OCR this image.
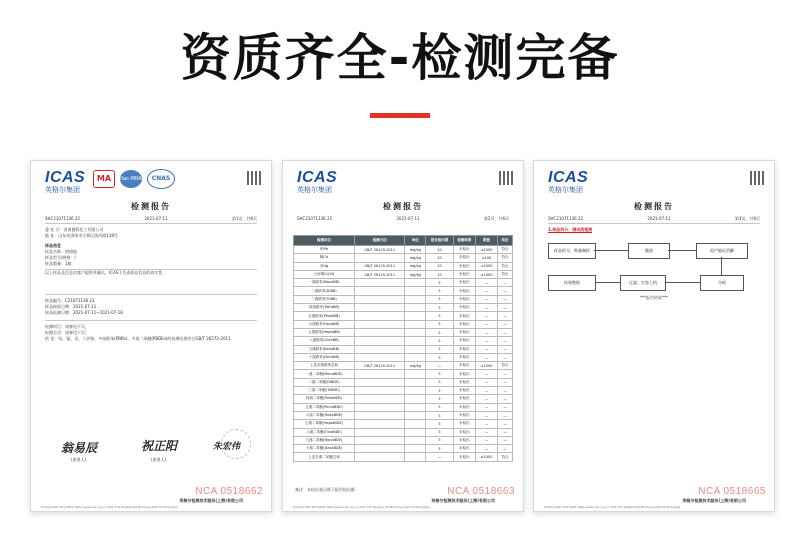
资质齐全-检测完备
ICAS
英格尔集团
MA	ilac-MRA	CNAS
检测报告
SHC21071136 22	2021-07-11	第1页，共6页
委 托 方：济南德彩化工有限公司
地 址：山东省济南市天桥区滨河路138号
样品信息
样品名称：热熔胶
样品型号/规格：/
样品数量：1箱
以上样品及信息由客户提供并确认，ICAS不负责样品信息的真实性。
样品编号：C21071136 22
样品接收日期：2021-07-11
样品检测日期：2021-07-11~2021-07-18
检测项目：请参见下页。
检测方法：请参见下页。
结 论：铅、镉、汞、六价铬、多溴联苯(PBBs)、多溴二苯醚(PBDEs)的检测结果符合GB/T 26572-2011
翁易辰
(批准人)
祝正阳
(批准人)
朱宏伟
NCA 0518662
英格尔检测技术服务(上海)有限公司
Hotline:400 102 6601 Web:www.icas.org.cn Add:715 Pingbei Rd,Minhang District,Shanghai
ICAS
英格尔集团
检测报告
SHC21071136 22	2021-07-11	第2页，共6页
检测项目	检测方法	单位	报告检出限	检测结果	限值	结论
铅Pb	GB/T 26125-2011	mg/kg	10	未检出	≤1000	符合
镉Cd		mg/kg	10	未检出	≤100	符合
汞Hg	GB/T 26125-2011	mg/kg	10	未检出	≤1000	符合
六价铬Cr(VI)	GB/T 26125-2011	mg/kg	10	未检出	≤1000	符合
一溴联苯(MonoBB)			5	未检出	—	—
二溴联苯(DiBB)			5	未检出	—	—
三溴联苯(TriBB)			5	未检出	—	—
四溴联苯(TetraBB)			5	未检出	—	—
五溴联苯(PentaBB)			5	未检出	—	—
六溴联苯(HexaBB)			5	未检出	—	—
七溴联苯(HeptaBB)			5	未检出	—	—
八溴联苯(OctaBB)			5	未检出	—	—
九溴联苯(NonaBB)			5	未检出	—	—
十溴联苯(DecaBB)			5	未检出	—	—
上述多溴联苯总和	GB/T 26125-2011	mg/kg	—	未检出	≤1000	符合
一溴二苯醚(MonoBDE)			5	未检出	—	—
二溴二苯醚(DiBDE)			5	未检出	—	—
三溴二苯醚(TriBDE)			5	未检出	—	—
四溴二苯醚(TetraBDE)			5	未检出	—	—
五溴二苯醚(PentaBDE)			5	未检出	—	—
六溴二苯醚(HexaBDE)			5	未检出	—	—
七溴二苯醚(HeptaBDE)			5	未检出	—	—
八溴二苯醚(OctaBDE)			5	未检出	—	—
九溴二苯醚(NonaBDE)			5	未检出	—	—
十溴二苯醚(DecaBDE)			5	未检出	—	—
上述多溴二苯醚总和			—	未检出	≤1000	符合
备注：未检出表示低于报告检出限	NCA 0518663
英格尔检测技术服务(上海)有限公司
Hotline:400 102 6601 Web:www.icas.org.cn Add:715 Pingbei Rd,Minhang District,Shanghai
ICAS
英格尔集团
检测报告
SHC21071136 22	2021-07-11	第3页，共6页
1.样品拆分、测试流程图
样品拆分、称量制样	微波	原产地证消解
分析
过滤、定容上机
结果数据
***报告结束***
NCA 0518665
英格尔检测技术服务(上海)有限公司
Hotline:400 102 6601 Web:www.icas.org.cn Add:715 Pingbei Rd,Minhang District,Shanghai
